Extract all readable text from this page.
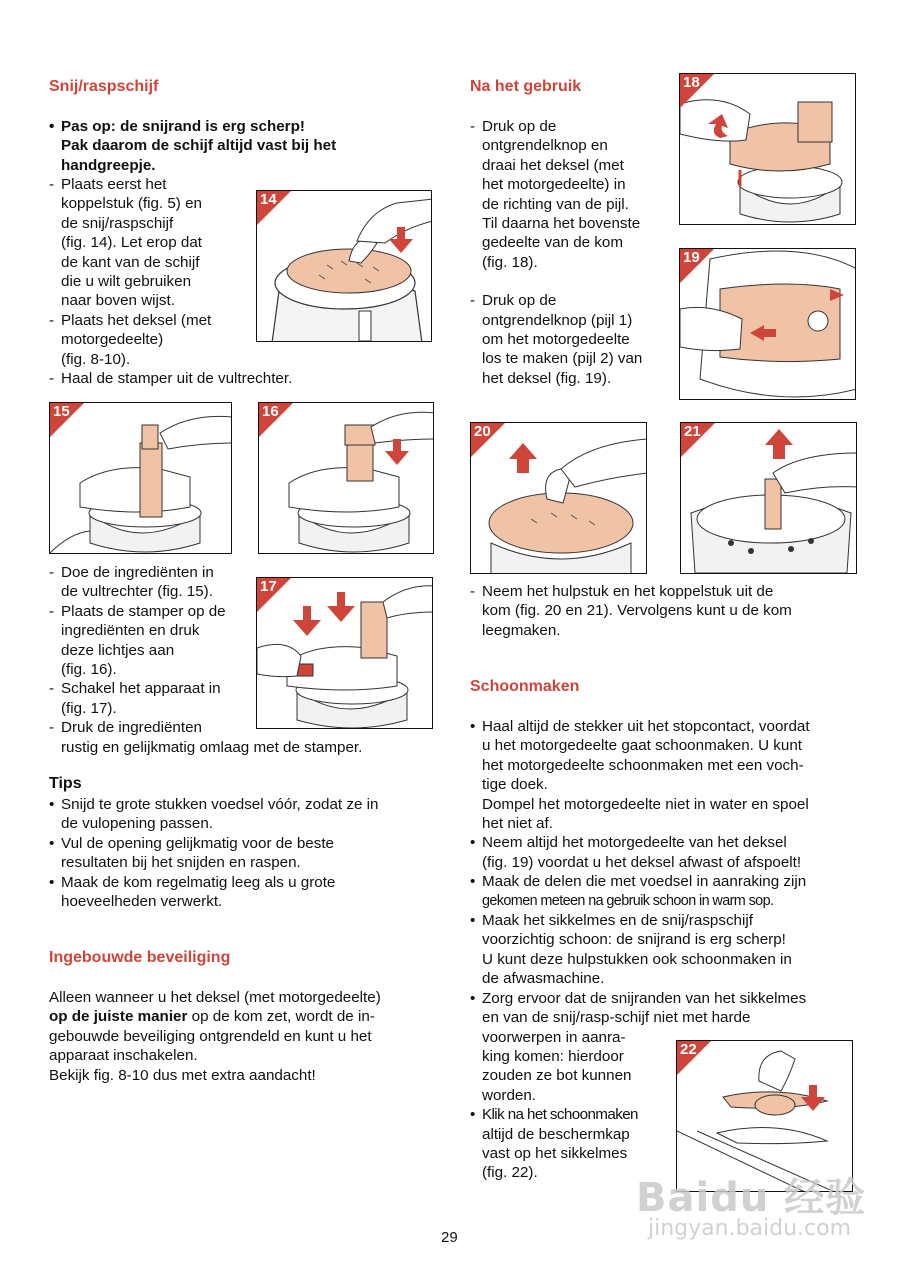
Snij/raspschijf
• Pas op: de snijrand is erg scherp!
Pak daarom de schijf altijd vast bij het
handgreepje.
- Plaats eerst het
koppelstuk (fig. 5) en
de snij/raspschijf
(fig. 14). Let erop dat
de kant van de schijf
die u wilt gebruiken
naar boven wijst.
- Plaats het deksel (met
motorgedeelte)
(fig. 8-10).
- Haal de stamper uit de vultrechter.
14
15	16
- Doe de ingrediënten in
de vultrechter (fig. 15).
- Plaats de stamper op de
ingrediënten en druk
deze lichtjes aan
(fig. 16).
- Schakel het apparaat in
(fig. 17).
- Druk de ingrediënten
rustig en gelijkmatig omlaag met de stamper.
17
Tips
• Snijd te grote stukken voedsel vóór, zodat ze in
de vulopening passen.
• Vul de opening gelijkmatig voor de beste
resultaten bij het snijden en raspen.
• Maak de kom regelmatig leeg als u grote
hoeveelheden verwerkt.
Ingebouwde beveiliging
Alleen wanneer u het deksel (met motorgedeelte)
op de juiste manier op de kom zet, wordt de in-
gebouwde beveiliging ontgrendeld en kunt u het
apparaat inschakelen.
Bekijk fig. 8-10 dus met extra aandacht!
Na het gebruik
- Druk op de
ontgrendelknop en
draai het deksel (met
het motorgedeelte) in
de richting van de pijl.
Til daarna het bovenste
gedeelte van de kom
(fig. 18).
- Druk op de
ontgrendelknop (pijl 1)
om het motorgedeelte
los te maken (pijl 2) van
het deksel (fig. 19).
18
19
20	21
- Neem het hulpstuk en het koppelstuk uit de
kom (fig. 20 en 21). Vervolgens kunt u de kom
leegmaken.
Schoonmaken
• Haal altijd de stekker uit het stopcontact, voordat
u het motorgedeelte gaat schoonmaken. U kunt
het motorgedeelte schoonmaken met een voch-
tige doek.
Dompel het motorgedeelte niet in water en spoel
het niet af.
• Neem altijd het motorgedeelte van het deksel
(fig. 19) voordat u het deksel afwast of afspoelt!
• Maak de delen die met voedsel in aanraking zijn
gekomen meteen na gebruik schoon in warm sop.
• Maak het sikkelmes en de snij/raspschijf
voorzichtig schoon: de snijrand is erg scherp!
U kunt deze hulpstukken ook schoonmaken in
de afwasmachine.
• Zorg ervoor dat de snijranden van het sikkelmes
en van de snij/rasp-schijf niet met harde
voorwerpen in aanra-
king komen: hierdoor
zouden ze bot kunnen
worden.
• Klik na het schoonmaken
altijd de beschermkap
vast op het sikkelmes
(fig. 22).
22
Baidu 经验
jingyan.baidu.com
29
